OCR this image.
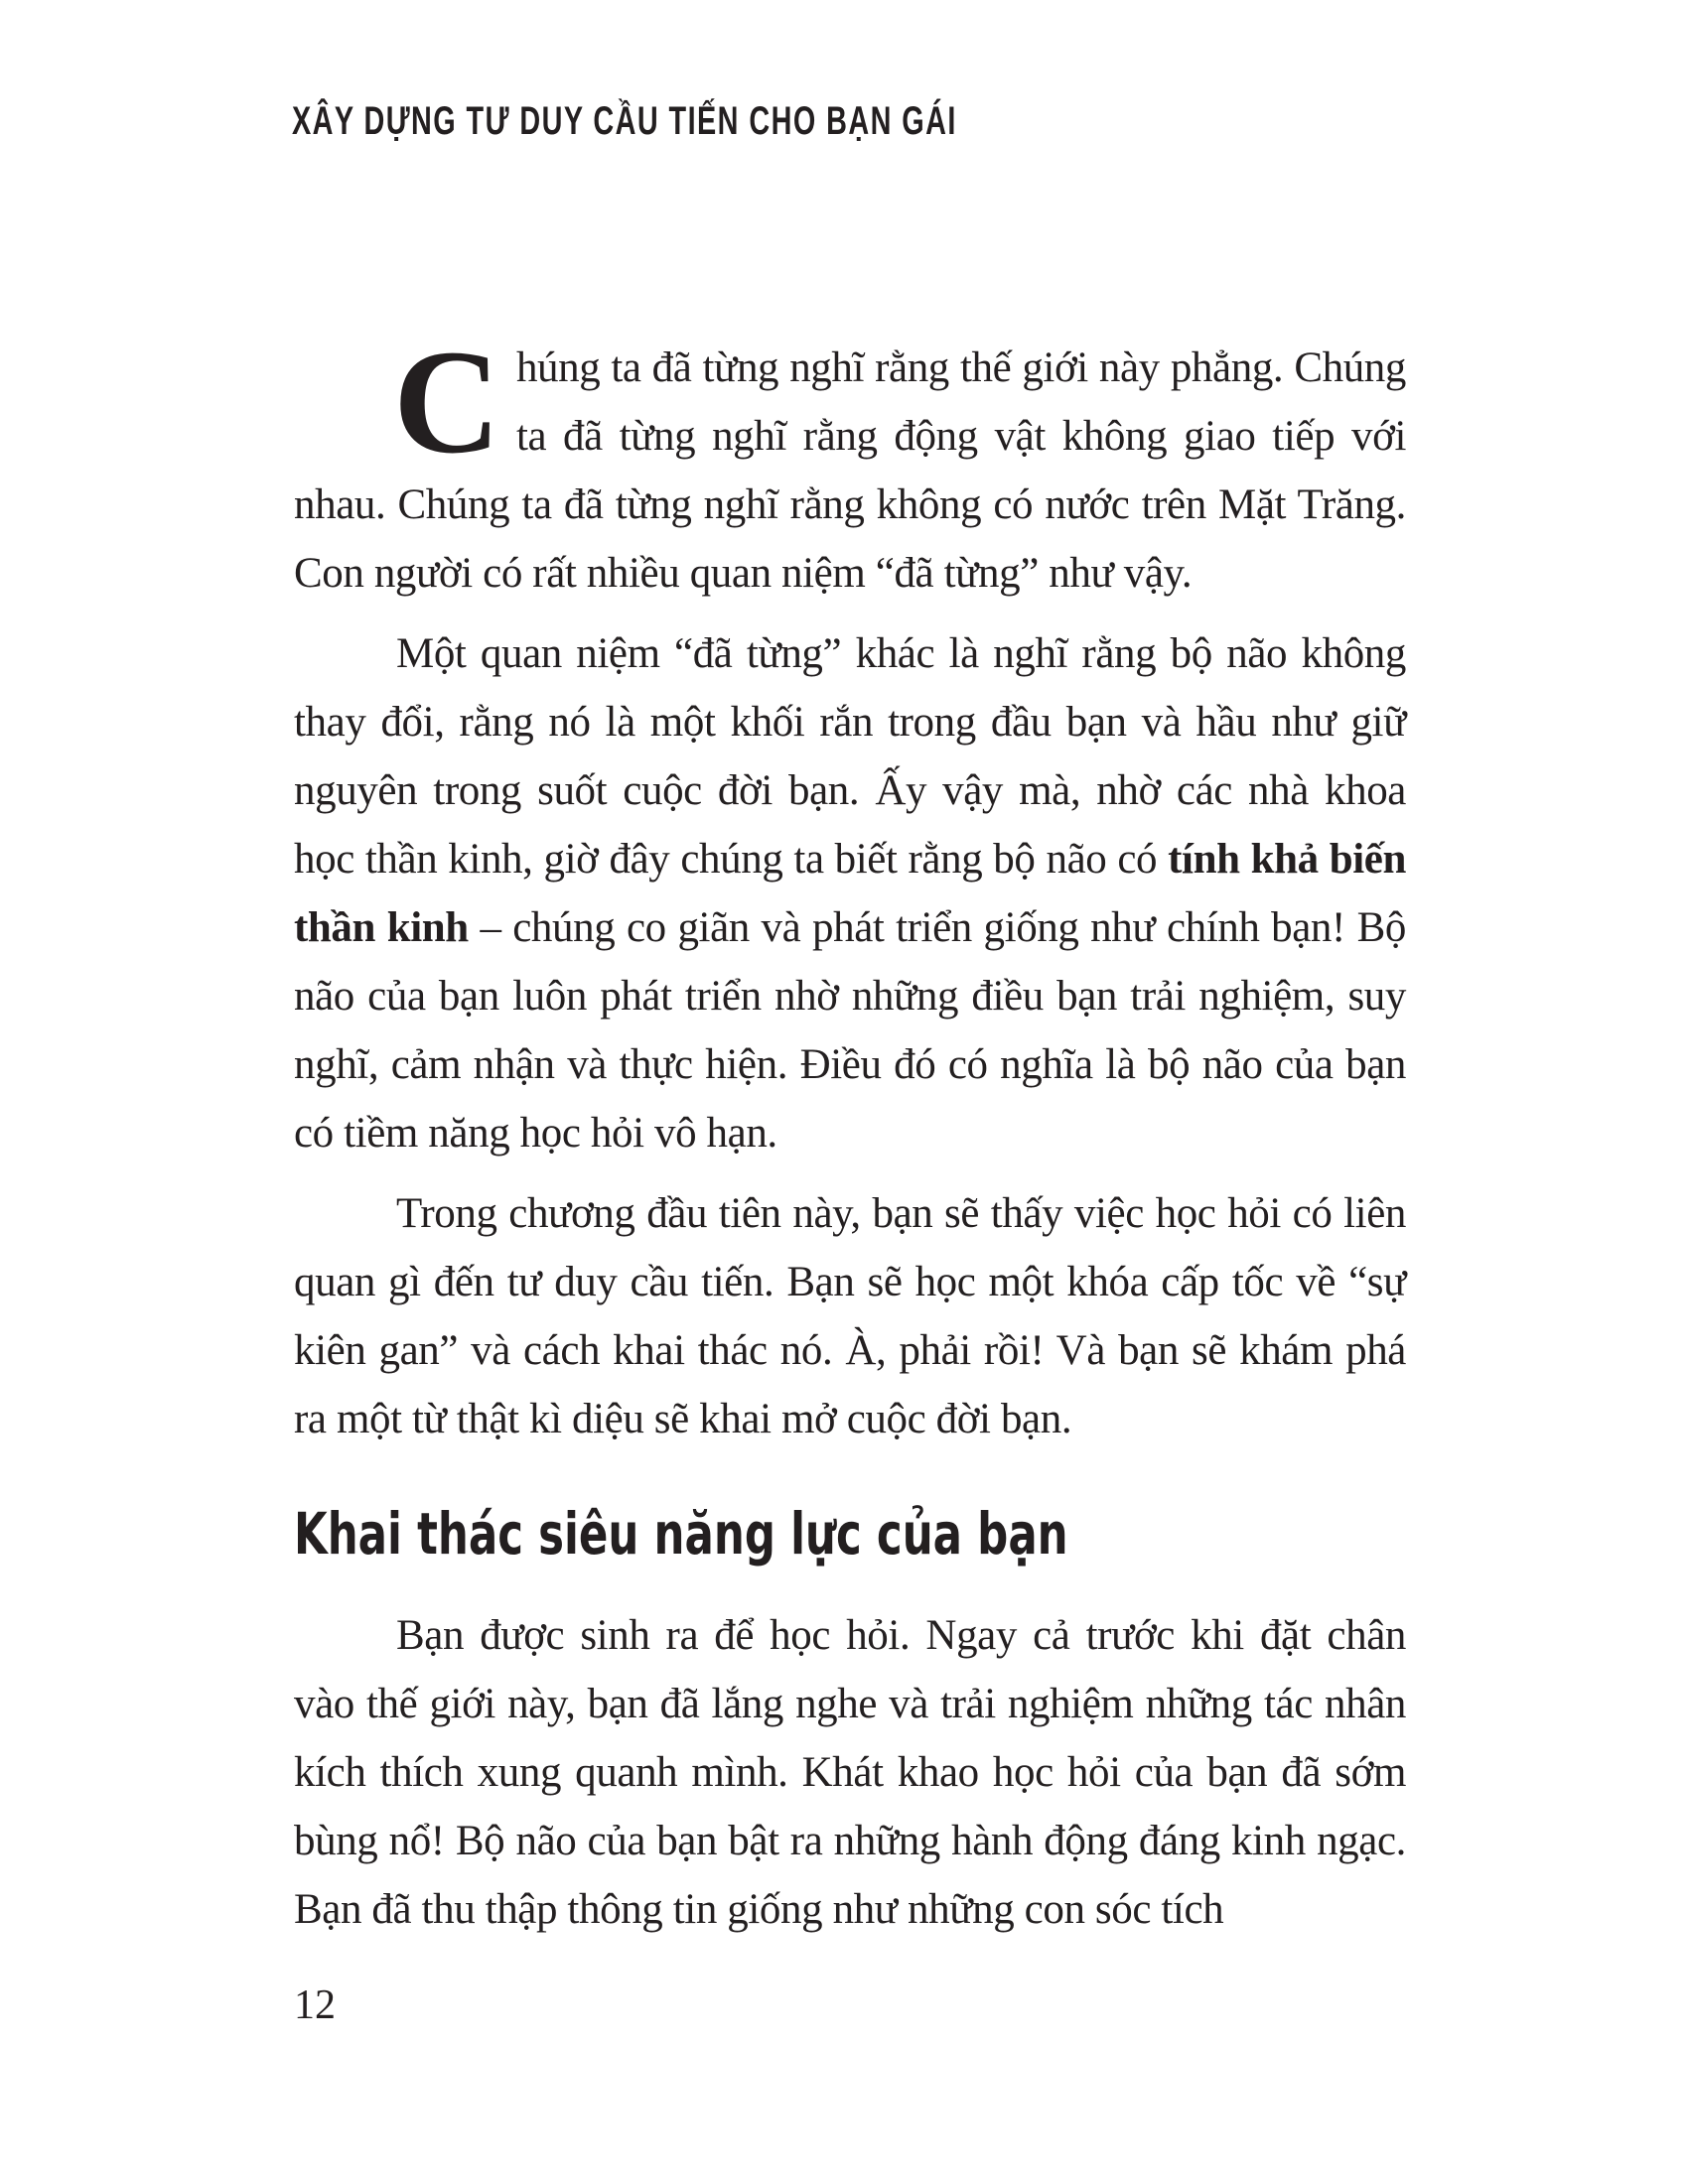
XÂY DỰNG TƯ DUY CẦU TIẾN CHO BẠN GÁI

Chúng ta đã từng nghĩ rằng thế giới này phẳng. Chúng ta đã từng nghĩ rằng động vật không giao tiếp với nhau. Chúng ta đã từng nghĩ rằng không có nước trên Mặt Trăng. Con người có rất nhiều quan niệm “đã từng” như vậy.

Một quan niệm “đã từng” khác là nghĩ rằng bộ não không thay đổi, rằng nó là một khối rắn trong đầu bạn và hầu như giữ nguyên trong suốt cuộc đời bạn. Ấy vậy mà, nhờ các nhà khoa học thần kinh, giờ đây chúng ta biết rằng bộ não có tính khả biến thần kinh – chúng co giãn và phát triển giống như chính bạn! Bộ não của bạn luôn phát triển nhờ những điều bạn trải nghiệm, suy nghĩ, cảm nhận và thực hiện. Điều đó có nghĩa là bộ não của bạn có tiềm năng học hỏi vô hạn.

Trong chương đầu tiên này, bạn sẽ thấy việc học hỏi có liên quan gì đến tư duy cầu tiến. Bạn sẽ học một khóa cấp tốc về “sự kiên gan” và cách khai thác nó. À, phải rồi! Và bạn sẽ khám phá ra một từ thật kì diệu sẽ khai mở cuộc đời bạn.

Khai thác siêu năng lực của bạn

Bạn được sinh ra để học hỏi. Ngay cả trước khi đặt chân vào thế giới này, bạn đã lắng nghe và trải nghiệm những tác nhân kích thích xung quanh mình. Khát khao học hỏi của bạn đã sớm bùng nổ! Bộ não của bạn bật ra những hành động đáng kinh ngạc. Bạn đã thu thập thông tin giống như những con sóc tích

12
